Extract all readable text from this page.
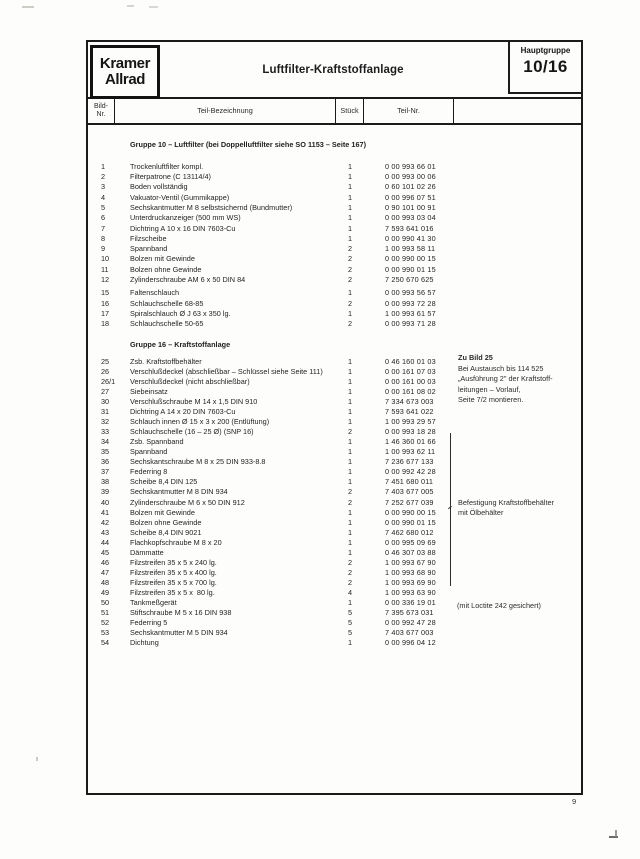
Kramer
Allrad
Luftfilter-Kraftstoffanlage
Hauptgruppe
10/16
Bild-
Nr.	Teil-Bezeichnung	Stück	Teil-Nr.
Gruppe 10 – Luftfilter (bei Doppelluftfilter siehe SO 1153 – Seite 167)
1	Trockenluftfilter kompl.	1	0 00 993 66 01
2	Filterpatrone (C 13114/4)	1	0 00 993 00 06
3	Boden vollständig	1	0 60 101 02 26
4	Vakuator-Ventil (Gummikappe)	1	0 00 996 07 51
5	Sechskantmutter M 8 selbstsichernd (Bundmutter)	1	0 90 101 00 91
6	Unterdruckanzeiger (500 mm WS)	1	0 00 993 03 04
7	Dichtring A 10 x 16 DIN 7603-Cu	1	7 593 641 016
8	Filzscheibe	1	0 00 990 41 30
9	Spannband	2	1 00 993 58 11
10	Bolzen mit Gewinde	2	0 00 990 00 15
11	Bolzen ohne Gewinde	2	0 00 990 01 15
12	Zylinderschraube AM 6 x 50 DIN 84	2	7 250 670 625
15	Faltenschlauch	1	0 00 993 56 57
16	Schlauchschelle 68-85	2	0 00 993 72 28
17	Spiralschlauch Ø J 63 x 350 lg.	1	1 00 993 61 57
18	Schlauchschelle 50-65	2	0 00 993 71 28
Gruppe 16 – Kraftstoffanlage
25	Zsb. Kraftstoffbehälter	1	0 46 160 01 03
26	Verschlußdeckel (abschließbar – Schlüssel siehe Seite 111)	1	0 00 161 07 03
26/1 Verschlußdeckel (nicht abschließbar)	1	0 00 161 00 03
27	Siebeinsatz	1	0 00 161 08 02
30	Verschlußschraube M 14 x 1,5 DIN 910	1	7 334 673 003
31	Dichtring A 14 x 20 DIN 7603-Cu	1	7 593 641 022
32	Schlauch innen Ø 15 x 3 x 200 (Entlüftung)	1	1 00 993 29 57
33	Schlauchschelle (16 – 25 Ø) (SNP 16)	2	0 00 993 18 28
34	Zsb. Spannband	1	1 46 360 01 66
35	Spannband	1	1 00 993 62 11
36	Sechskantschraube M 8 x 25 DIN 933-8.8	1	7 236 677 133
37	Federring 8	1	0 00 992 42 28
38	Scheibe 8,4 DIN 125	1	7 451 680 011
39	Sechskantmutter M 8 DIN 934	2	7 403 677 005
40	Zylinderschraube M 6 x 50 DIN 912	2	7 252 677 039
41	Bolzen mit Gewinde	1	0 00 990 00 15
42	Bolzen ohne Gewinde	1	0 00 990 01 15
43	Scheibe 8,4 DIN 9021	1	7 462 680 012
44	Flachkopfschraube M 8 x 20	1	0 00 995 09 69
45	Dämmatte	1	0 46 307 03 88
46	Filzstreifen 35 x 5 x 240 lg.	2	1 00 993 67 90
47	Filzstreifen 35 x 5 x 400 lg.	2	1 00 993 68 90
48	Filzstreifen 35 x 5 x 700 lg.	2	1 00 993 69 90
49	Filzstreifen 35 x 5 x  80 lg.	4	1 00 993 63 90
50	Tankmeßgerät	1	0 00 336 19 01
51	Stiftschraube M 5 x 16 DIN 938	5	7 395 673 031
52	Federring 5	5	0 00 992 47 28
53	Sechskantmutter M 5 DIN 934	5	7 403 677 003
54	Dichtung	1	0 00 996 04 12
Zu Bild 25
Bei Austausch bis 114 525
„Ausführung 2" der Kraftstoff-
leitungen – Vorlauf,
Seite 7/2 montieren.
Befestigung Kraftstoffbehälter
mit Ölbehälter
(mit Loctite 242 gesichert)
9
